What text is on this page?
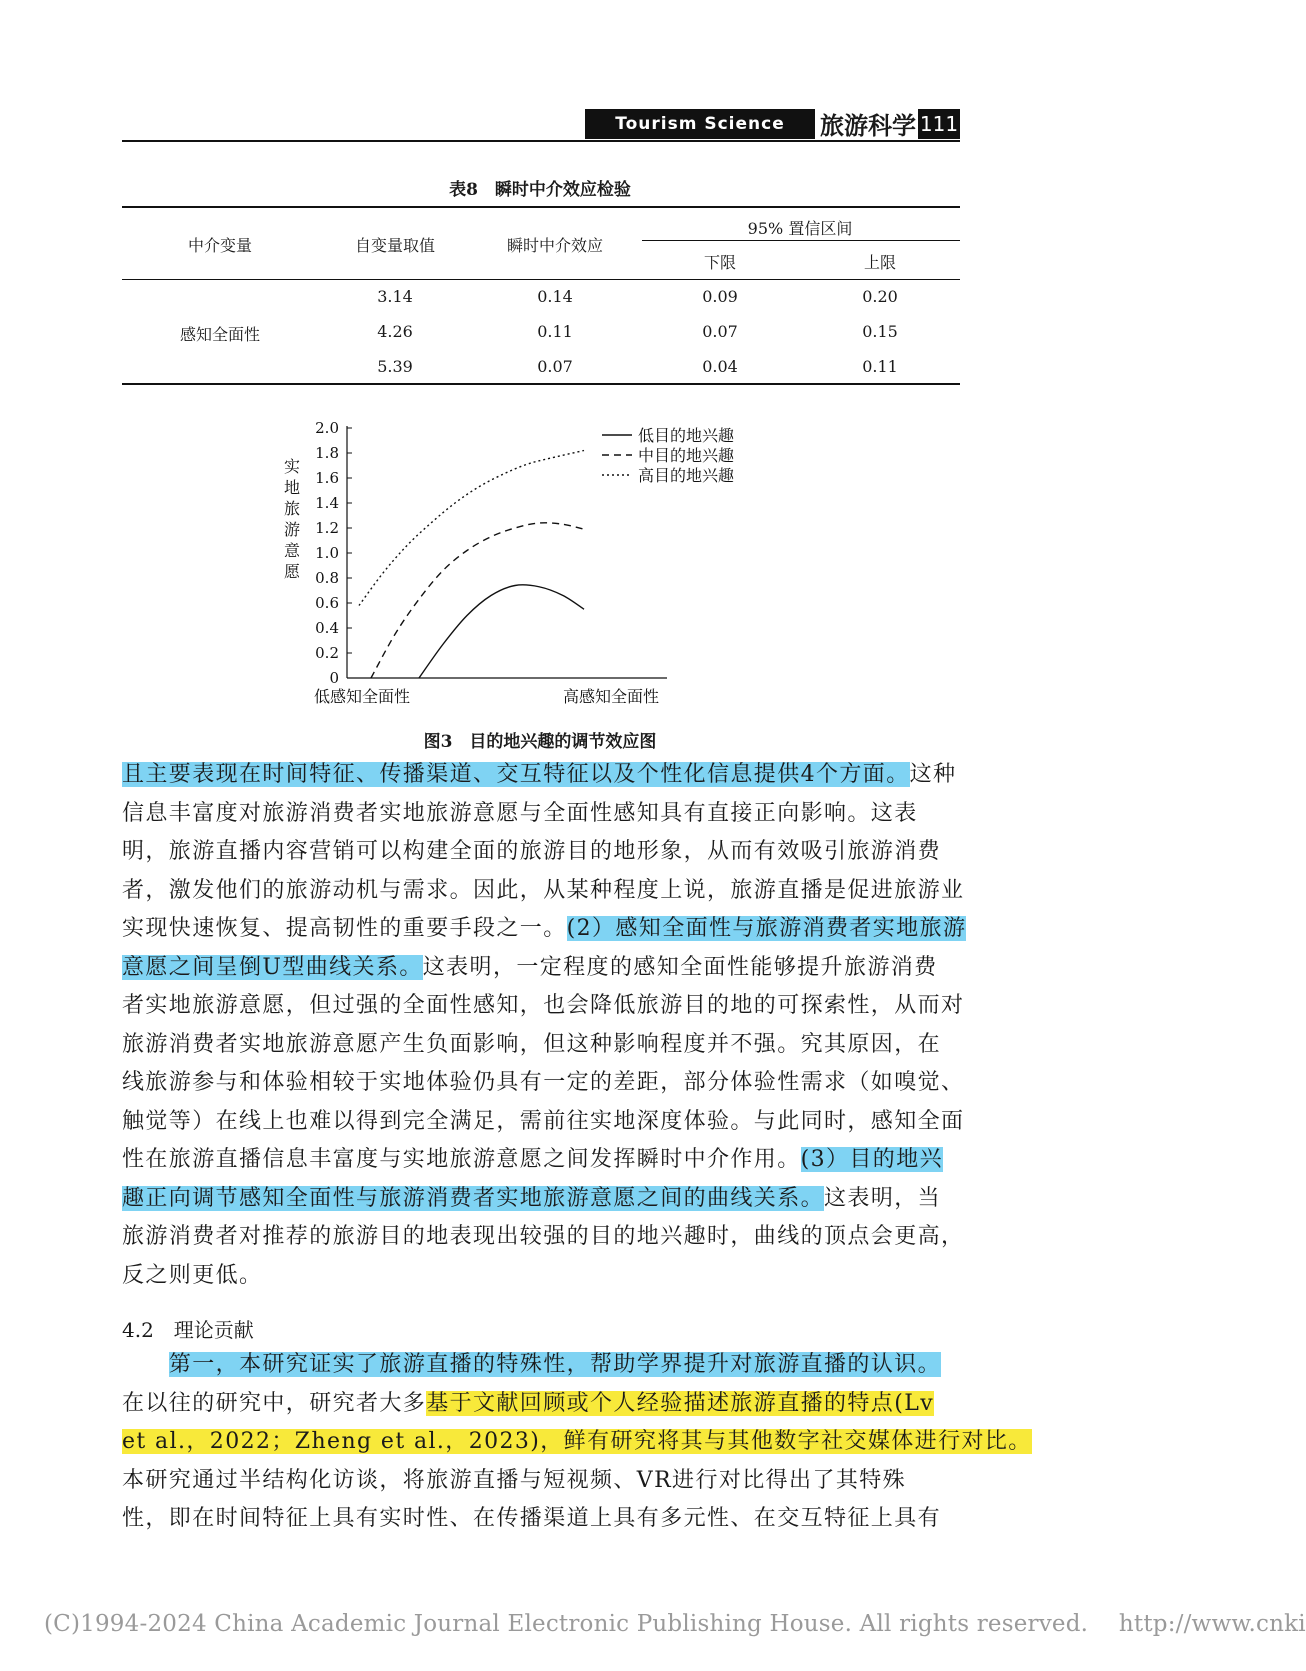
Tourism Science	旅游科学 111
表8　瞬时中介效应检验
中介变量	自变量取值	瞬时中介效应
95% 置信区间
下限	上限
感知全面性
3.14	0.14	0.09	0.20
4.26	0.11	0.07	0.15
5.39	0.07	0.04	0.11
0
0.2
0.4
0.6
0.8
1.0
1.2
1.4
1.6
1.8
2.0
实
地
旅
游
意
愿
低感知全面性	高感知全面性
低目的地兴趣
中目的地兴趣
高目的地兴趣
图3　目的地兴趣的调节效应图
且主要表现在时间特征、传播渠道、交互特征以及个性化信息提供4个方面。这种
信息丰富度对旅游消费者实地旅游意愿与全面性感知具有直接正向影响。这表
明，旅游直播内容营销可以构建全面的旅游目的地形象，从而有效吸引旅游消费
者，激发他们的旅游动机与需求。因此，从某种程度上说，旅游直播是促进旅游业
实现快速恢复、提高韧性的重要手段之一。(2）感知全面性与旅游消费者实地旅游
意愿之间呈倒U型曲线关系。这表明，一定程度的感知全面性能够提升旅游消费
者实地旅游意愿，但过强的全面性感知，也会降低旅游目的地的可探索性，从而对
旅游消费者实地旅游意愿产生负面影响，但这种影响程度并不强。究其原因，在
线旅游参与和体验相较于实地体验仍具有一定的差距，部分体验性需求（如嗅觉、
触觉等）在线上也难以得到完全满足，需前往实地深度体验。与此同时，感知全面
性在旅游直播信息丰富度与实地旅游意愿之间发挥瞬时中介作用。(3）目的地兴
趣正向调节感知全面性与旅游消费者实地旅游意愿之间的曲线关系。这表明，当
旅游消费者对推荐的旅游目的地表现出较强的目的地兴趣时，曲线的顶点会更高，
反之则更低。
4.2　理论贡献
　　第一，本研究证实了旅游直播的特殊性，帮助学界提升对旅游直播的认识。
在以往的研究中，研究者大多基于文献回顾或个人经验描述旅游直播的特点(Lv
et al.，2022；Zheng et al.，2023)，鲜有研究将其与其他数字社交媒体进行对比。
本研究通过半结构化访谈，将旅游直播与短视频、VR进行对比得出了其特殊
性，即在时间特征上具有实时性、在传播渠道上具有多元性、在交互特征上具有
(C)1994-2024 China Academic Journal Electronic Publishing House. All rights reserved.　 http://www.cnki
